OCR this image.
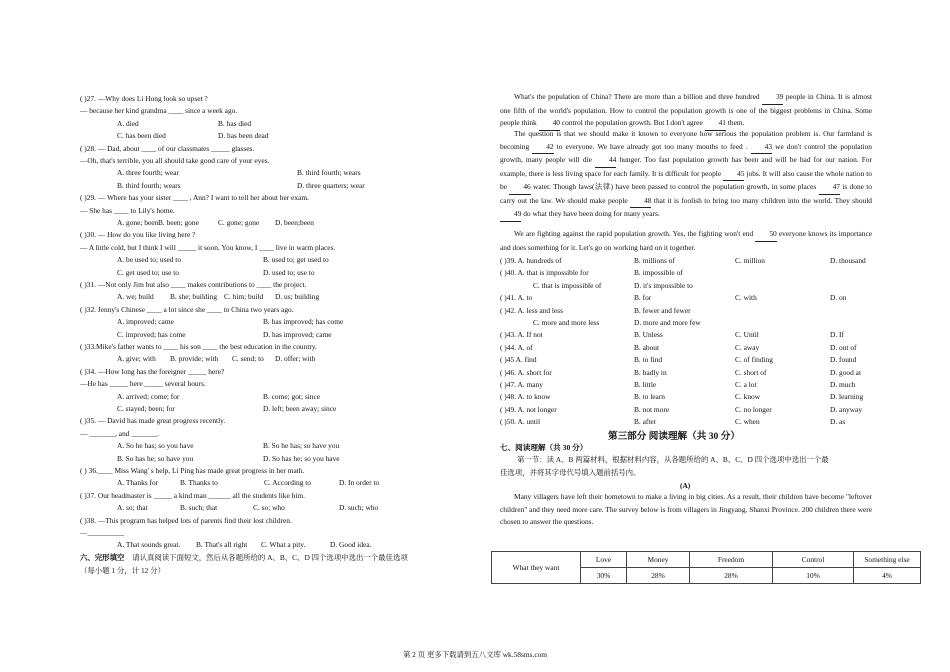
( )27. —Why does Li Hong look so upset ?
— because her kind grandma ____ since a week ago.
A. died	B. has died
C. has been died	D. has been dead
( )28. — Dad, about ____ of our classmates _____ glasses.
—Oh, that's terrible, you all should take good care of your eyes.
A. three fourth; wear	B. third fourth; wears
B. third fourth; wears	D. three quarters; wear
( )29. — Where has your sister ____ , Ann? I want to tell her about her exam.
— She has ____ to Lily's home.
A. gone; been B. been; gone	C. gone; gone D. been;been
( )30. — How do you like living here ?
— A little cold, but I think I will _____ it soon. You know, I ____ live in warm places.
A. be used to; used to	B. used to; get used to
C. get used to; use to	D. used to; use to
( )31. —Not only Jim but also ____ makes contributions to ____ the project.
A. we; build B. she; building C. him; build D. us; building
( )32. Jenny's Chinese ____ a lot since she ____ to China two years ago.
A. improved; came	B. has improved; has come
C. improved; has come	D. has improved; came
( )33.Mike's father wants to ____ his son ____ the best education in the country.
A. give; with B. provide; with C. send; to D. offer; with
( )34. —How long has the foreigner _____ here?
—He has _____ here _____ several hours.
A. arrived; come; for	B. come; got; since
C. stayed; been; for	D. left; been away; since
( )35. — David has made great progress recently.
— _______, and _______.
A. So he has; so you have	B. So he has; so have you
B. So has he; so have you	D. So has he; so you have
( ) 36.____ Miss Wang' s help, Li Ping has made great progress in her math.
A. Thanks for	B. Thanks to	C. According to	D. In order to
( )37. Our headmaster is _____ a kind man ______ all the students like him.
A. so; that	B. such; that	C. so; who	D. such; who
( )38. —This program has helped lots of parents find their lost children.
—__________
A. That sounds great. B. That's all right C. What a pity.	D. Good idea.
What's the population of China? There are more than a billion and three hundred 39 people in China. It is almost one fifth of the world's population. How to control the population growth is one of the biggest problems in China. Some people think 40 control the population growth. But I don't agree 41 them.
The question is that we should make it known to everyone how serious the population problem is. Our farmland is becoming 42 to everyone. We have already got too many mouths to feed . 43 we don't control the population growth, many people will die 44 hunger. Too fast population growth has been and will be bad for our nation. For example, there is less living space for each family. It is difficult for people 45 jobs. It will also cause the whole nation to be 46 water. Though laws(法律) have been passed to control the population growth, in some places 47 is done to carry out the law. We should make people 48 that it is foolish to bring too many children into the world. They should 49 do what they have been doing for many years.
We are fighting against the rapid population growth. Yes, the fighting won't end 50 everyone knows its importance and does something for it. Let's go on working hard on it together.
( )39. A. hundreds of	B. millions of	C. million	D. thousand
( )40. A. that is impossible for	B. impossible of
C. that is impossible of	D. it's impossible to
( )41. A. to	B. for	C. with	D. on
( )42. A. less and less	B. fewer and fewer
C. more and more less	D. more and more few
( )43. A. If not	B. Unless	C. Until	D. If
( )44. A. of	B. about	C. away	D. out of
( )45 A. find	B. to find	C. of finding	D. found
( )46. A. short for	B. badly in	C. short of	D. good at
( )47. A. many	B. little	C. a lot	D. much
( )48. A. to know	B. to learn	C. know	D. learning
( )49. A. not longer	B. not more	C. no longer	D. anyway
( )50. A. until	B. after	C. when	D. as
第三部分 阅读理解（共 30 分）
七、阅读理解（共 30 分）
第一节：读 A、B 两篇材料，根据材料内容，从各题所给的 A、B、C、D 四个选项中选出一个最
佳选项，并将其字母代号填入题前括号内。
(A)
Many villagers have left their hometown to make a living in big cities. As a result, their children have become "leftover children" and they need more care. The survey below is from villagers in Jingyang, Shanxi Province. 200 children there were chosen to answer the questions.
What they want	Love	Money	Freedom	Control	Something else
	30%	28%	28%	10%	4%
六、完形填空 请认真阅读下面短文，然后从各题所给的 A、B、C、D 四个选项中选出一个最佳选项
（每小题 1 分，计 12 分）
第 2 页 更多下载请到五八文库 wk.58sms.com
